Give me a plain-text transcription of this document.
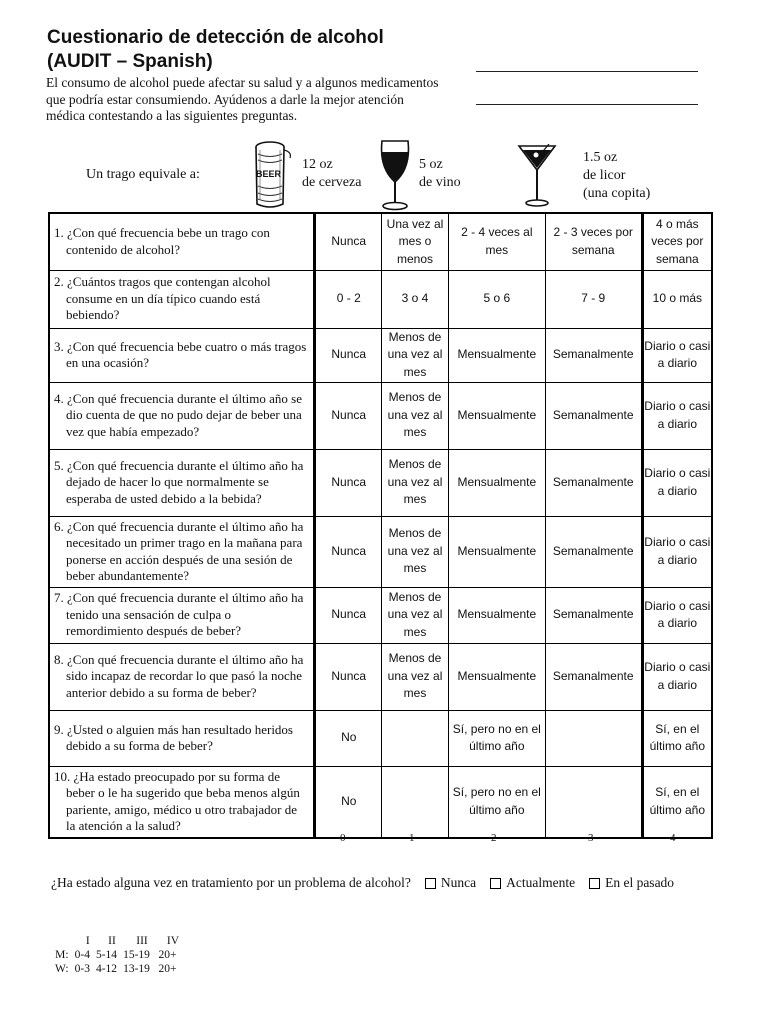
Cuestionario de detección de alcohol
(AUDIT – Spanish)
El consumo de alcohol puede afectar su salud y a algunos medicamentos que podría estar consumiendo. Ayúdenos a darle la mejor atención médica contestando a las siguientes preguntas.
Un trago equivale a:	BEER
12 oz
de cerveza
5 oz
de vino
1.5 oz
de licor
(una copita)
1. ¿Con qué frecuencia bebe un trago con contenido de alcohol?	Nunca	Una vez al mes o menos	2 - 4 veces al mes	2 - 3 veces por semana	4 o más veces por semana

2. ¿Cuántos tragos que contengan alcohol consume en un día típico cuando está bebiendo?	0 - 2	3 o 4	5 o 6	7 - 9	10 o más

3. ¿Con qué frecuencia bebe cuatro o más tragos en una ocasión?	Nunca	Menos de una vez al mes	Mensualmente	Semanalmente	Diario o casi a diario

4. ¿Con qué frecuencia durante el último año se dio cuenta de que no pudo dejar de beber una vez que había empezado?	Nunca	Menos de una vez al mes	Mensualmente	Semanalmente	Diario o casi a diario

5. ¿Con qué frecuencia durante el último año ha dejado de hacer lo que normalmente se esperaba de usted debido a la bebida?	Nunca	Menos de una vez al mes	Mensualmente	Semanalmente	Diario o casi a diario

6. ¿Con qué frecuencia durante el último año ha necesitado un primer trago en la mañana para ponerse en acción después de una sesión de beber abundantemente?	Nunca	Menos de una vez al mes	Mensualmente	Semanalmente	Diario o casi a diario

7. ¿Con qué frecuencia durante el último año ha tenido una sensación de culpa o remordimiento después de beber?	Nunca	Menos de una vez al mes	Mensualmente	Semanalmente	Diario o casi a diario

8. ¿Con qué frecuencia durante el último año ha sido incapaz de recordar lo que pasó la noche anterior debido a su forma de beber?	Nunca	Menos de una vez al mes	Mensualmente	Semanalmente	Diario o casi a diario

9. ¿Usted o alguien más han resultado heridos debido a su forma de beber?	No		Sí, pero no en el último año		Sí, en el último año

10. ¿Ha estado preocupado por su forma de beber o le ha sugerido que beba menos algún pariente, amigo, médico u otro trabajador de la atención a la salud?	No		Sí, pero no en el último año		Sí, en el último año
0	1	2	3	4
¿Ha estado alguna vez en tratamiento por un problema de alcohol? Nunca Actualmente En el pasado
	I	II	III	IV
M:	0-4	5-14	15-19	20+
W:	0-3	4-12	13-19	20+
